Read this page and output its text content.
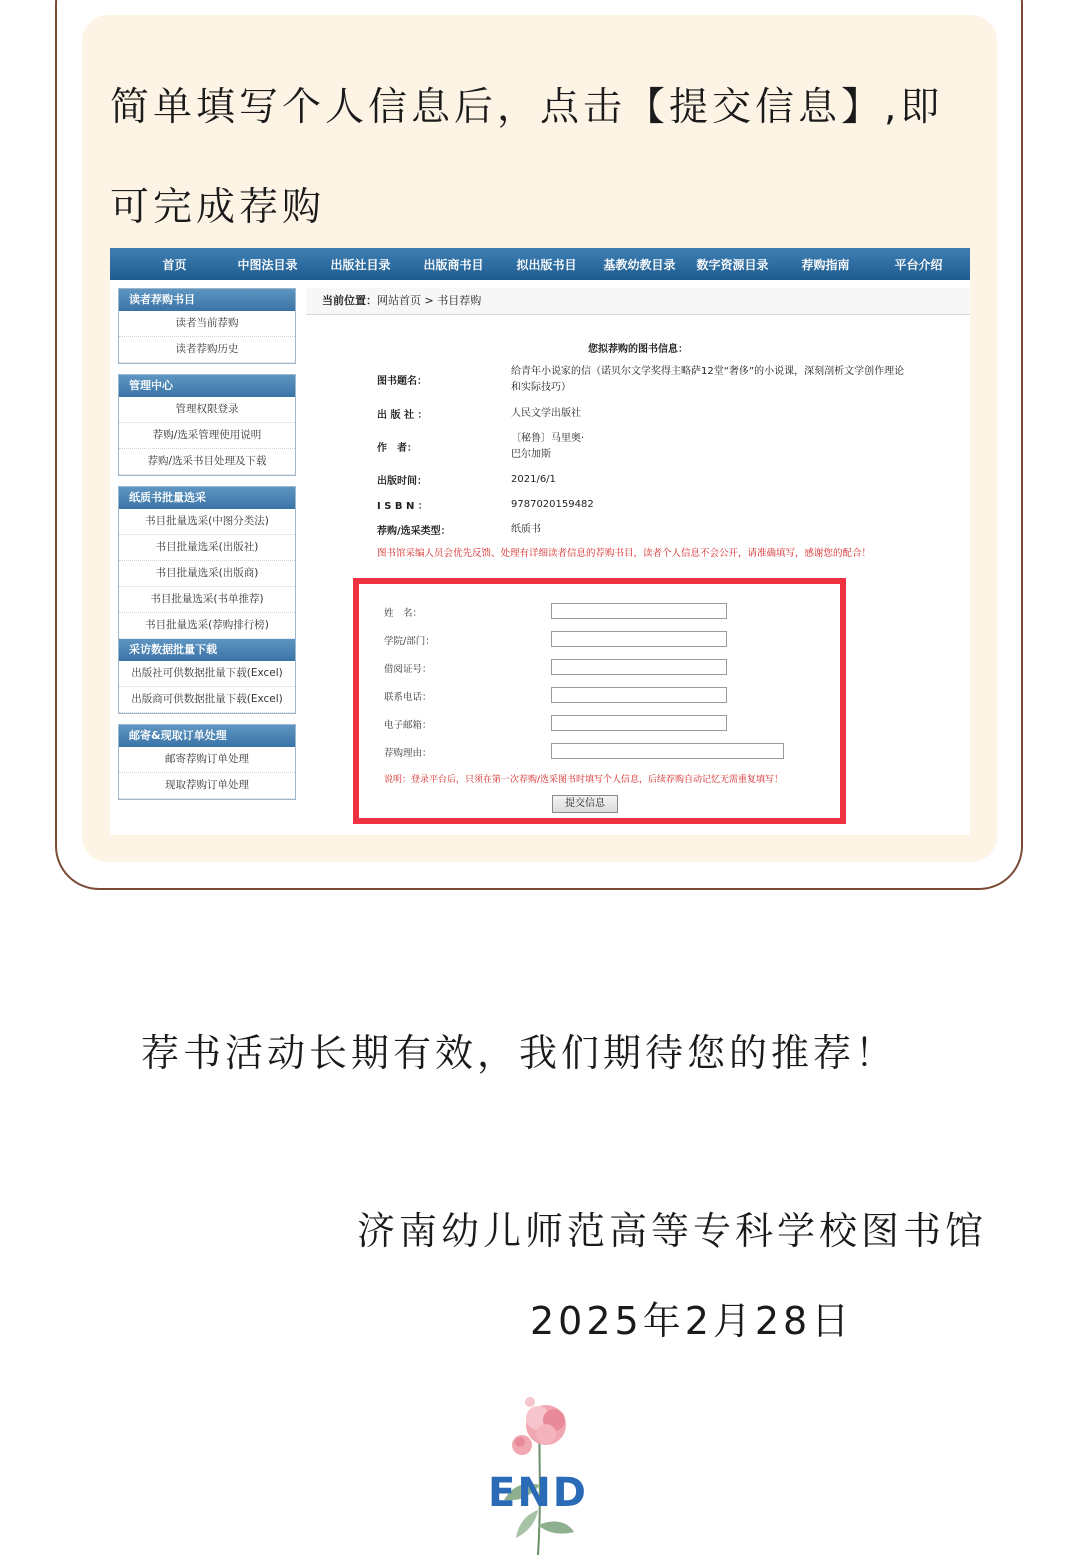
简单填写个人信息后，点击【提交信息】,即
可完成荐购
首页	中图法目录	出版社目录	出版商书目	拟出版书目	基教幼教目录	数字资源目录	荐购指南	平台介绍
读者荐购书目
读者当前荐购
读者荐购历史
管理中心
管理权限登录
荐购/选采管理使用说明
荐购/选采书目处理及下载
纸质书批量选采
书目批量选采(中图分类法)
书目批量选采(出版社)
书目批量选采(出版商)
书目批量选采(书单推荐)
书目批量选采(荐购排行榜)
采访数据批量下载
出版社可供数据批量下载(Excel)
出版商可供数据批量下载(Excel)
邮寄&现取订单处理
邮寄荐购订单处理
现取荐购订单处理
当前位置：网站首页 > 书目荐购
您拟荐购的图书信息：
图书题名：
给青年小说家的信（诺贝尔文学奖得主略萨12堂“奢侈”的小说课，深刻剖析文学创作理论和实际技巧）
出 版 社 ：	人民文学出版社
作　者：
〔秘鲁〕马里奥·
巴尔加斯
出版时间：	2021/6/1
I S B N ：	9787020159482
荐购/选采类型：	纸质书
图书馆采编人员会优先反馈、处理有详细读者信息的荐购书目，读者个人信息不会公开，请准确填写，感谢您的配合！
姓　名：
学院/部门：
借阅证号：
联系电话：
电子邮箱：
荐购理由：
说明：登录平台后，只须在第一次荐购/选采图书时填写个人信息，后续荐购自动记忆无需重复填写！
提交信息
荐书活动长期有效，我们期待您的推荐！
济南幼儿师范高等专科学校图书馆
2025年2月28日
END
